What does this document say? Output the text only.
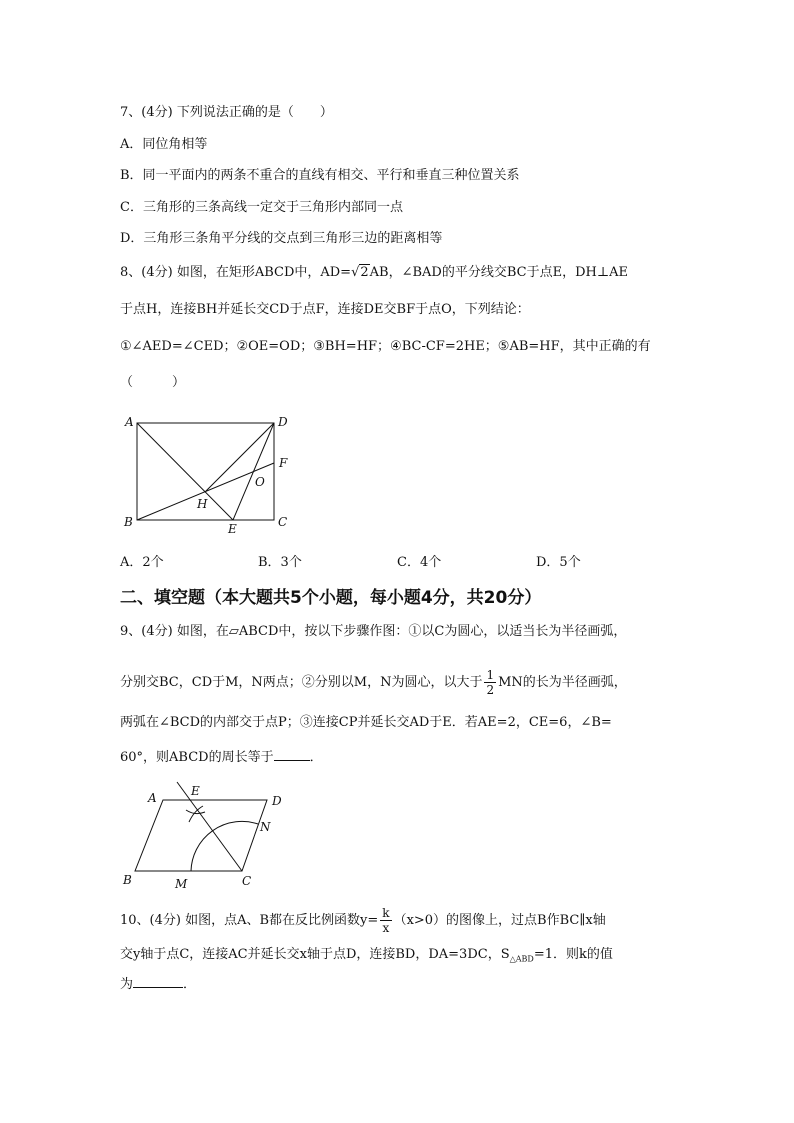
7、(4分) 下列说法正确的是（　　）
A．同位角相等
B．同一平面内的两条不重合的直线有相交、平行和垂直三种位置关系
C．三角形的三条高线一定交于三角形内部同一点
D．三角形三条角平分线的交点到三角形三边的距离相等
8、(4分) 如图，在矩形ABCD中，AD=√2AB，∠BAD的平分线交BC于点E，DH⊥AE
于点H，连接BH并延长交CD于点F，连接DE交BF于点O，下列结论：
①∠AED=∠CED；②OE=OD；③BH=HF；④BC-CF=2HE；⑤AB=HF，其中正确的有
（　　　）
A	D
F
O
H
B	E	C
A．2个	B．3个	C．4个	D．5个
二、填空题（本大题共5个小题，每小题4分，共20分）
9、(4分) 如图，在▱ABCD中，按以下步骤作图：①以C为圆心，以适当长为半径画弧，
分别交BC，CD于M，N两点；②分别以M，N为圆心，以大于 $\frac{1}{2}$ MN的长为半径画弧，
两弧在∠BCD的内部交于点P；③连接CP并延长交AD于E．若AE=2，CE=6，∠B=
60°，则ABCD的周长等于	．
A	E
D
N
B	M	C
10、(4分) 如图，点A、B都在反比例函数$y= \frac{k}{x} (x>0)$的图像上，过点B作BC∥x轴
交y轴于点C，连接AC并延长交x轴于点D，连接BD，DA=3DC，$S_{\triangle ABD}=1$．则k的值
为	．
